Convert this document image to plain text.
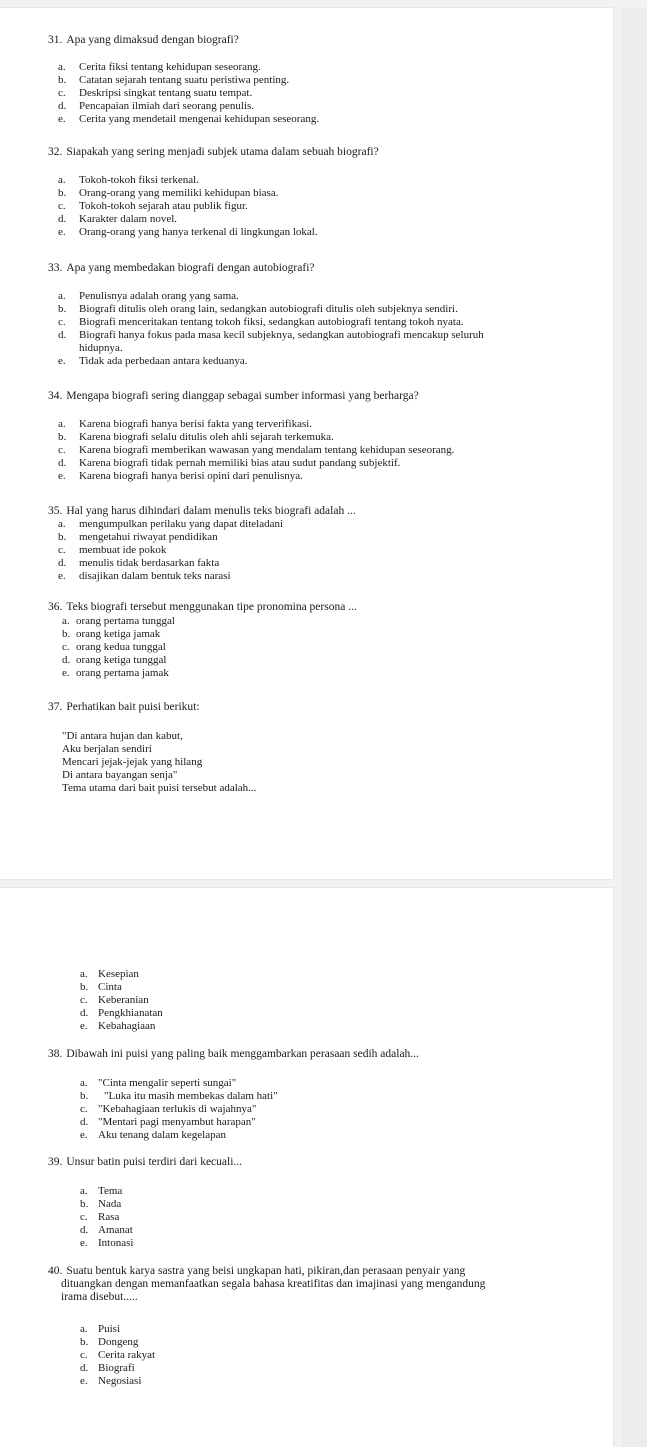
31. Apa yang dimaksud dengan biografi?
a. Cerita fiksi tentang kehidupan seseorang.
b. Catatan sejarah tentang suatu peristiwa penting.
c. Deskripsi singkat tentang suatu tempat.
d. Pencapaian ilmiah dari seorang penulis.
e. Cerita yang mendetail mengenai kehidupan seseorang.
32. Siapakah yang sering menjadi subjek utama dalam sebuah biografi?
a. Tokoh-tokoh fiksi terkenal.
b. Orang-orang yang memiliki kehidupan biasa.
c. Tokoh-tokoh sejarah atau publik figur.
d. Karakter dalam novel.
e. Orang-orang yang hanya terkenal di lingkungan lokal.
33. Apa yang membedakan biografi dengan autobiografi?
a. Penulisnya adalah orang yang sama.
b. Biografi ditulis oleh orang lain, sedangkan autobiografi ditulis oleh subjeknya sendiri.
c. Biografi menceritakan tentang tokoh fiksi, sedangkan autobiografi tentang tokoh nyata.
d. Biografi hanya fokus pada masa kecil subjeknya, sedangkan autobiografi mencakup seluruh
hidupnya.
e. Tidak ada perbedaan antara keduanya.
34. Mengapa biografi sering dianggap sebagai sumber informasi yang berharga?
a. Karena biografi hanya berisi fakta yang terverifikasi.
b. Karena biografi selalu ditulis oleh ahli sejarah terkemuka.
c. Karena biografi memberikan wawasan yang mendalam tentang kehidupan seseorang.
d. Karena biografi tidak pernah memiliki bias atau sudut pandang subjektif.
e. Karena biografi hanya berisi opini dari penulisnya.
35. Hal yang harus dihindari dalam menulis teks biografi adalah ...
a. mengumpulkan perilaku yang dapat diteladani
b. mengetahui riwayat pendidikan
c. membuat ide pokok
d. menulis tidak berdasarkan fakta
e. disajikan dalam bentuk teks narasi
36. Teks biografi tersebut menggunakan tipe pronomina persona ...
a. orang pertama tunggal
b. orang ketiga jamak
c. orang kedua tunggal
d. orang ketiga tunggal
e. orang pertama jamak
37. Perhatikan bait puisi berikut:
"Di antara hujan dan kabut,
Aku berjalan sendiri
Mencari jejak-jejak yang hilang
Di antara bayangan senja"
Tema utama dari bait puisi tersebut adalah...
a. Kesepian
b. Cinta
c. Keberanian
d. Pengkhianatan
e. Kebahagiaan
38. Dibawah ini puisi yang paling baik menggambarkan perasaan sedih adalah...
a. "Cinta mengalir seperti sungai"
b. "Luka itu masih membekas dalam hati"
c. "Kebahagiaan terlukis di wajahnya"
d. "Mentari pagi menyambut harapan"
e. Aku tenang dalam kegelapan
39. Unsur batin puisi terdiri dari kecuali...
a. Tema
b. Nada
c. Rasa
d. Amanat
e. Intonasi
40. Suatu bentuk karya sastra yang beisi ungkapan hati, pikiran,dan perasaan penyair yang
dituangkan dengan memanfaatkan segala bahasa kreatifitas dan imajinasi yang mengandung
irama disebut.....
a. Puisi
b. Dongeng
c. Cerita rakyat
d. Biografi
e. Negosiasi
